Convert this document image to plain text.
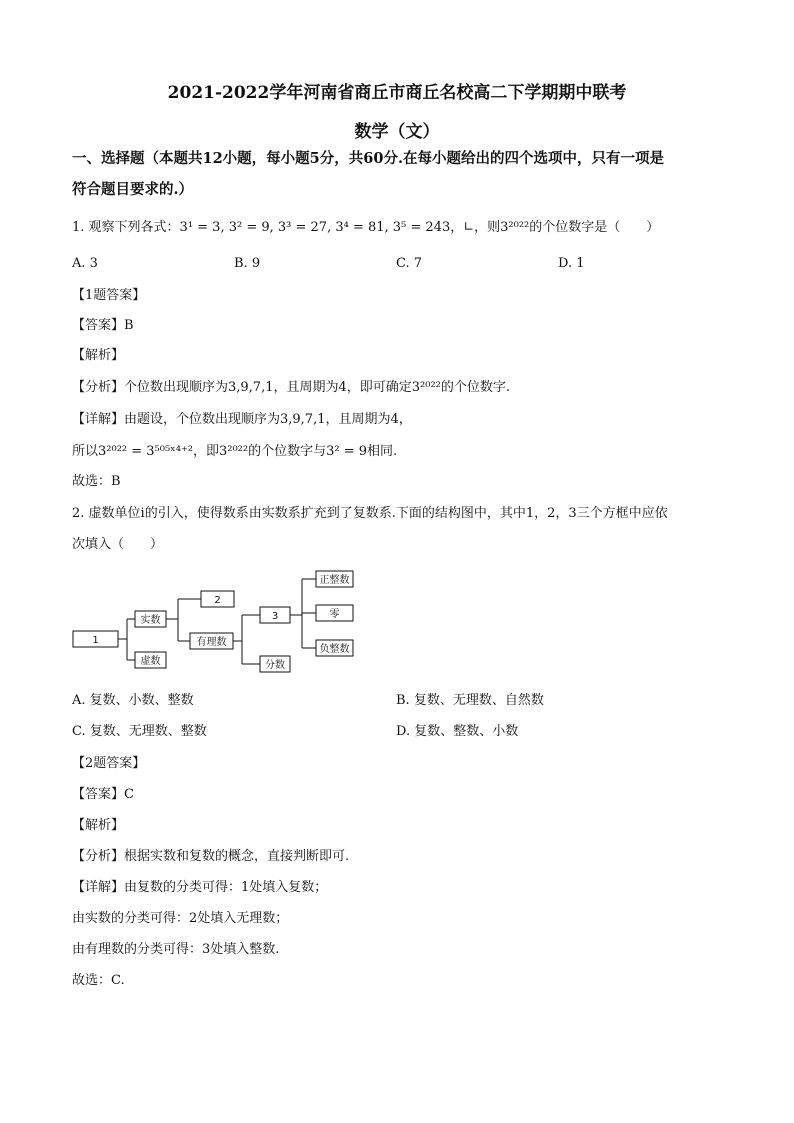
2021-2022学年河南省商丘市商丘名校高二下学期期中联考
数学（文）
一、选择题（本题共12小题，每小题5分，共60分.在每小题给出的四个选项中，只有一项是
符合题目要求的.）
1. 观察下列各式：3¹ = 3, 3² = 9, 3³ = 27, 3⁴ = 81, 3⁵ = 243，∟，则3²⁰²²的个位数字是（　　）
A. 3	B. 9	C. 7	D. 1
【1题答案】
【答案】B
【解析】
【分析】个位数出现顺序为3,9,7,1，且周期为4，即可确定3²⁰²²的个位数字.
【详解】由题设，个位数出现顺序为3,9,7,1，且周期为4，
所以3²⁰²² = 3⁵⁰⁵ˣ⁴⁺²，即3²⁰²²的个位数字与3² = 9相同.
故选：B
2. 虚数单位i的引入，使得数系由实数系扩充到了复数系.下面的结构图中，其中1，2，3三个方框中应依
次填入（　　）
1
实数
虚数
2
有理数
3
分数
正整数
零
负整数
A. 复数、小数、整数	B. 复数、无理数、自然数
C. 复数、无理数、整数	D. 复数、整数、小数
【2题答案】
【答案】C
【解析】
【分析】根据实数和复数的概念，直接判断即可.
【详解】由复数的分类可得：1处填入复数；
由实数的分类可得：2处填入无理数；
由有理数的分类可得：3处填入整数.
故选：C.
